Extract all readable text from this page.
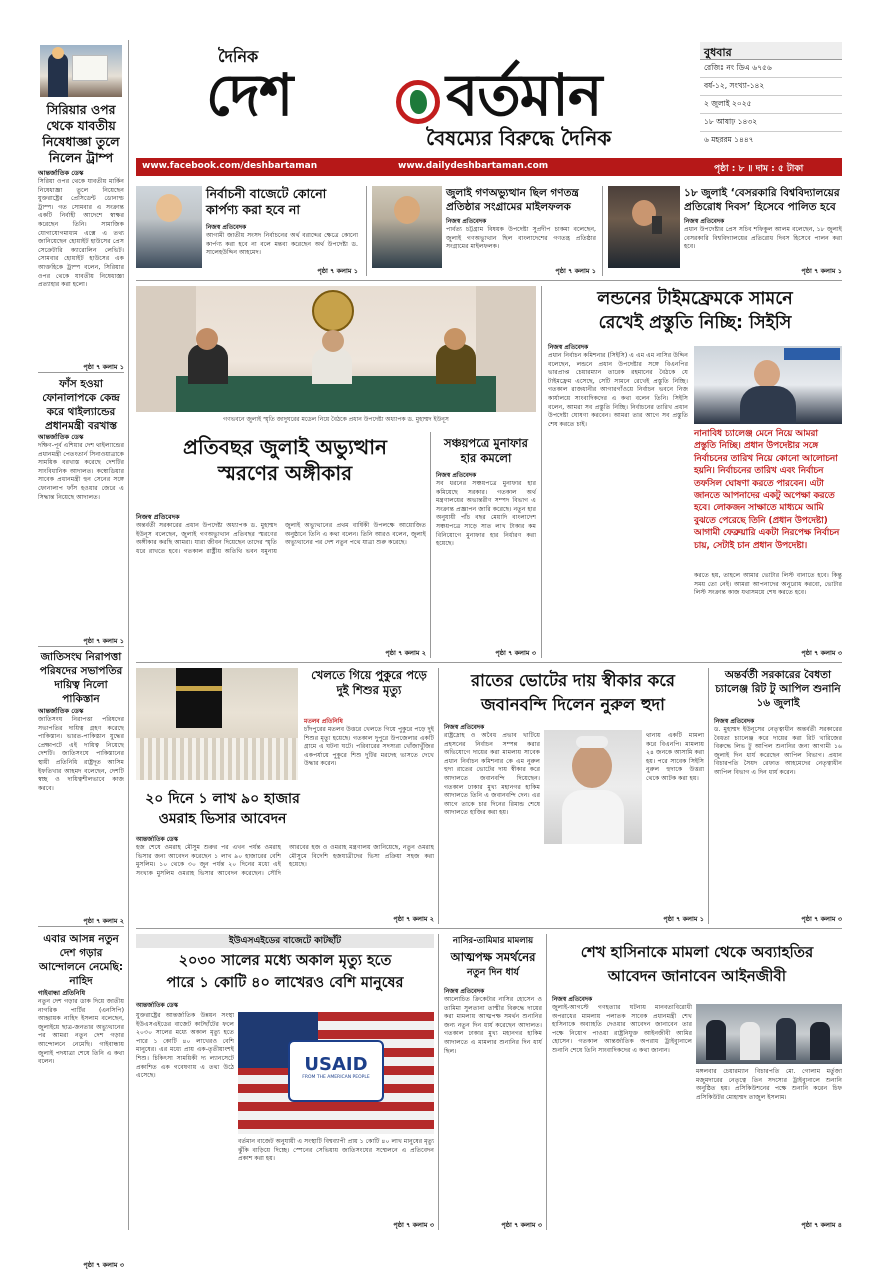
সিরিয়ার ওপর থেকে যাবতীয় নিষেধাজ্ঞা তুলে নিলেন ট্রাম্প
আন্তর্জাতিক ডেস্ক
সিরিয়া ওপর থেকে যাবতীয় মার্কিন নিষেধাজ্ঞা তুলে নিয়েছেন যুক্তরাষ্ট্রের প্রেসিডেন্ট ডোনাল্ড ট্রাম্প। গত সোমবার এ সংক্রান্ত একটি নির্বাহী আদেশে স্বাক্ষর করেছেন তিনি। সামাজিক যোগাযোগমাধ্যম এক্সে এ তথ্য জানিয়েছেন হোয়াইট হাউসের প্রেস সেক্রেটারি ক্যারোলিন লেভিট। সোমবার হোয়াইট হাউসের এক আক্তহিকে ট্রাম্প বলেন, সিরিয়ার ওপর থেকে যাবতীয় নিষেধাজ্ঞা প্রত্যাহার করা হলো।
পৃষ্ঠা ৭ কলাম ১
ফাঁস হওয়া ফোনালাপকে কেন্দ্র করে থাইল্যান্ডের প্রধানমন্ত্রী বরখাস্ত
আন্তর্জাতিক ডেস্ক
দক্ষিণ-পূর্ব এশিয়ার দেশ থাইল্যান্ডের প্রধানমন্ত্রী পেতংতার্ন সিনাওয়াত্রাকে সাময়িক বরখাস্ত করেছে দেশটির সাংবিধানিক আদালত। কম্বোডিয়ার সাবেক প্রধানমন্ত্রী হুন সেনের সঙ্গে ফোনালাপ ফাঁস হওয়ার জেরে এ সিদ্ধান্ত নিয়েছে আদালত।
পৃষ্ঠা ৭ কলাম ১
জাতিসংঘ নিরাপত্তা পরিষদের সভাপতির দায়িত্ব নিলো পাকিস্তান
আন্তর্জাতিক ডেস্ক
জাতিসংঘ নিরাপত্তা পরিষদের সভাপতির দায়িত্ব গ্রহণ করেছে পাকিস্তান। ভারত-পাকিস্তান যুদ্ধের প্রেক্ষাপটে এই দায়িত্ব নিয়েছে দেশটি। জাতিসংঘে পাকিস্তানের স্থায়ী প্রতিনিধি রাষ্ট্রদূত আসিম ইফতিখার আহমদ বলেছেন, দেশটি স্বচ্ছ ও দায়িত্বশীলভাবে কাজ করবে।
পৃষ্ঠা ৭ কলাম ২
এবার আসন্ন নতুন দেশ গড়ার আন্দোলনে নেমেছি: নাহিদ
গাইবান্ধা প্রতিনিধি
নতুন দেশ গড়ার ডাক দিয়ে জাতীয় নাগরিক পার্টির (এনসিপি) আহ্বায়ক নাহিদ ইসলাম বলেছেন, জুলাইয়ে ছাত্র-জনতার অভ্যুত্থানের পর আমরা নতুন দেশ গড়ার আন্দোলনে নেমেছি। গাইবান্ধায় জুলাই পদযাত্রা শেষে তিনি এ কথা বলেন।
পৃষ্ঠা ৭ কলাম ৩
দৈনিক
দেশ	বর্তমান
বৈষম্যের বিরুদ্ধে দৈনিক
বুধবার
রেজিঃ নং ডিএ ৬৭৫৬
বর্ষ-১২, সংখ্যা-১৪২
২ জুলাই ২০২৫
১৮ আষাঢ় ১৪৩২
৬ মহররম ১৪৪৭
www.facebook.com/deshbartaman	www.dailydeshbartaman.com	পৃষ্ঠা : ৮ ॥ দাম : ৫ টাকা
নির্বাচনী বাজেটে কোনো কার্পণ্য করা হবে না
নিজস্ব প্রতিবেদক
আগামী জাতীয় সংসদ নির্বাচনের অর্থ বরাদ্দের ক্ষেত্রে কোনো কার্পণ্য করা হবে না বলে মন্তব্য করেছেন অর্থ উপদেষ্টা ড. সালেহউদ্দিন আহমেদ।
পৃষ্ঠা ৭ কলাম ১
জুলাই গণঅভ্যুত্থান ছিল গণতন্ত্র প্রতিষ্ঠার সংগ্রামের মাইলফলক
নিজস্ব প্রতিবেদক
পার্বত্য চট্টগ্রাম বিষয়ক উপদেষ্টা সুপ্রদীপ চাকমা বলেছেন, জুলাই গণঅভ্যুত্থান ছিল বাংলাদেশের গণতন্ত্র প্রতিষ্ঠার সংগ্রামের মাইলফলক।
পৃষ্ঠা ৭ কলাম ১
১৮ জুলাই ‘বেসরকারি বিশ্ববিদ্যালয়ের প্রতিরোধ দিবস’ হিসেবে পালিত হবে
নিজস্ব প্রতিবেদক
প্রধান উপদেষ্টার প্রেস সচিব শফিকুল আলম বলেছেন, ১৮ জুলাই বেসরকারি বিশ্ববিদ্যালয়ের প্রতিরোধ দিবস হিসেবে পালন করা হবে।
পৃষ্ঠা ৭ কলাম ১
গণভবনে জুলাই স্মৃতি জাদুঘরের মডেল নিয়ে বৈঠকে প্রধান উপদেষ্টা অধ্যাপক ড. মুহাম্মদ ইউনূস
প্রতিবছর জুলাই অভ্যুত্থান
স্মরণের অঙ্গীকার
নিজস্ব প্রতিবেদক
অন্তর্বর্তী সরকারের প্রধান উপদেষ্টা অধ্যাপক ড. মুহাম্মদ ইউনূস বলেছেন, জুলাই গণঅভ্যুত্থান প্রতিবছর স্মরণের অঙ্গীকার করছি আমরা। যারা জীবন দিয়েছেন তাদের স্মৃতি ধরে রাখতে হবে। গতকাল রাষ্ট্রীয় অতিথি ভবন যমুনায় জুলাই অভ্যুত্থানের প্রথম বার্ষিকী উপলক্ষে আয়োজিত অনুষ্ঠানে তিনি এ কথা বলেন। তিনি আরও বলেন, জুলাই অভ্যুত্থানের পর দেশ নতুন পথে যাত্রা শুরু করেছে।
পৃষ্ঠা ৭ কলাম ২
সঞ্চয়পত্রে মুনাফার হার কমলো
নিজস্ব প্রতিবেদক
সব ধরনের সঞ্চয়পত্রে মুনাফার হার কমিয়েছে সরকার। গতকাল অর্থ মন্ত্রণালয়ের অভ্যন্তরীণ সম্পদ বিভাগ এ সংক্রান্ত প্রজ্ঞাপন জারি করেছে। নতুন হার অনুযায়ী পাঁচ বছর মেয়াদি বাংলাদেশ সঞ্চয়পত্রে সাড়ে সাত লাখ টাকার কম বিনিয়োগে মুনাফার হার নির্ধারণ করা হয়েছে।
পৃষ্ঠা ৭ কলাম ৩
লন্ডনের টাইমফ্রেমকে সামনে
রেখেই প্রস্তুতি নিচ্ছি: সিইসি
নিজস্ব প্রতিবেদক
প্রধান নির্বাচন কমিশনার (সিইসি) এ এম এম নাসির উদ্দিন বলেছেন, লন্ডনে প্রধান উপদেষ্টার সঙ্গে বিএনপির ভারপ্রাপ্ত চেয়ারম্যান তারেক রহমানের বৈঠকে যে টাইমফ্রেম এসেছে, সেটি সামনে রেখেই প্রস্তুতি নিচ্ছি। গতকাল রাজধানীর আগারগাঁওয়ে নির্বাচন ভবনে নিজ কার্যালয়ে সাংবাদিকদের এ কথা বলেন তিনি। সিইসি বলেন, আমরা সব প্রস্তুতি নিচ্ছি। নির্বাচনের তারিখ প্রধান উপদেষ্টা ঘোষণা করবেন। আমরা তার আগে সব প্রস্তুতি শেষ করতে চাই।
নানাবিধ চ্যালেঞ্জ মেনে নিয়ে আমরা প্রস্তুতি নিচ্ছি। প্রধান উপদেষ্টার সঙ্গে নির্বাচনের তারিখ নিয়ে কোনো আলোচনা হয়নি। নির্বাচনের তারিখ এবং নির্বাচন তফসিল ঘোষণা করতে পারবেন। এটা জানতে আপনাদের একটু অপেক্ষা করতে হবে। লোকজন সাক্ষাতে মাধ্যমে আমি বুঝতে পেরেছে তিনি (প্রধান উপদেষ্টা) আগামী ফেব্রুয়ারি একটা নিরপেক্ষ নির্বাচন চায়, সেটাই চান প্রধান উপদেষ্টা।
করতে হয়, তাহলে আমার ভোটার লিস্ট বানাতে হবে। কিন্তু সময় তো নেই। আমরা আপনাদের অনুরোধ করবো, ভোটার লিস্ট সংক্রান্ত কাজ যথাসময়ে শেষ করতে হবে।
পৃষ্ঠা ৭ কলাম ৩
খেলতে গিয়ে পুকুরে পড়ে দুই শিশুর মৃত্যু
মতলব প্রতিনিধি
চাঁদপুরের মতলব উত্তরে খেলতে গিয়ে পুকুরে পড়ে দুই শিশুর মৃত্যু হয়েছে। গতকাল দুপুরে উপজেলার একটি গ্রামে এ ঘটনা ঘটে। পরিবারের সদস্যরা খোঁজাখুঁজির একপর্যায়ে পুকুরে শিশু দুটির মরদেহ ভাসতে দেখে উদ্ধার করেন।
২০ দিনে ১ লাখ ৯০ হাজার
ওমরাহ ভিসার আবেদন
আন্তর্জাতিক ডেস্ক
হজ শেষে ওমরাহ মৌসুম শুরুর পর এখন পর্যন্ত ওমরাহ ভিসার জন্য আবেদন করেছেন ১ লাখ ৯০ হাজারের বেশি মুসলিম। ১০ থেকে ৩০ জুন পর্যন্ত ২০ দিনের মধ্যে এই সংখ্যক মুসলিম ওমরাহ ভিসার আবেদন করেছেন। সৌদি আরবের হজ ও ওমরাহ মন্ত্রণালয় জানিয়েছে, নতুন ওমরাহ মৌসুমে বিদেশি হজযাত্রীদের ভিসা প্রক্রিয়া সহজ করা হয়েছে।
পৃষ্ঠা ৭ কলাম ২
রাতের ভোটের দায় স্বীকার করে
জবানবন্দি দিলেন নুরুল হুদা
নিজস্ব প্রতিবেদক
রাষ্ট্রদ্রোহ ও অবৈধ প্রভাব খাটিয়ে প্রহসনের নির্বাচন সম্পন্ন করার অভিযোগে দায়ের করা মামলায় সাবেক প্রধান নির্বাচন কমিশনার কে এম নুরুল হুদা রাতের ভোটের দায় স্বীকার করে আদালতে জবানবন্দি দিয়েছেন। গতকাল ঢাকার মুখ্য মহানগর হাকিম আদালতে তিনি এ জবানবন্দি দেন। এর আগে তাকে চার দিনের রিমান্ড শেষে আদালতে হাজির করা হয়।
থানায় একটি মামলা করে বিএনপি। মামলায় ২৪ জনকে আসামি করা হয়। পরে সাবেক সিইসি নুরুল হুদাকে উত্তরা থেকে আটক করা হয়।
পৃষ্ঠা ৭ কলাম ১
অন্তর্বর্তী সরকারের বৈধতা চ্যালেঞ্জ রিট টু আপিল শুনানি ১৬ জুলাই
নিজস্ব প্রতিবেদক
ড. মুহাম্মদ ইউনূসের নেতৃত্বাধীন অন্তর্বর্তী সরকারের বৈধতা চ্যালেঞ্জ করে দায়ের করা রিট খারিজের বিরুদ্ধে লিভ টু আপিল শুনানির জন্য আগামী ১৬ জুলাই দিন ধার্য করেছেন আপিল বিভাগ। প্রধান বিচারপতি সৈয়দ রেফাত আহমেদের নেতৃত্বাধীন আপিল বিভাগ এ দিন ধার্য করেন।
পৃষ্ঠা ৭ কলাম ৩
ইউএসএইডের বাজেটে কাটছাঁট
২০৩০ সালের মধ্যে অকাল মৃত্যু হতে
পারে ১ কোটি ৪০ লাখেরও বেশি মানুষের
আন্তর্জাতিক ডেস্ক
যুক্তরাষ্ট্রের আন্তর্জাতিক উন্নয়ন সংস্থা ইউএসএইডের বাজেট কাটছাঁটের ফলে ২০৩০ সালের মধ্যে অকাল মৃত্যু হতে পারে ১ কোটি ৪০ লাখেরও বেশি মানুষের। এর মধ্যে প্রায় এক-তৃতীয়াংশই শিশু। চিকিৎসা সাময়িকী দ্য ল্যানসেটে প্রকাশিত এক গবেষণায় এ তথ্য উঠে এসেছে।
USAID
FROM THE AMERICAN PEOPLE
বর্তমান বাজেট অনুযায়ী এ সংস্থাটি বিশ্বব্যাপী প্রায় ১ কোটি ৪০ লাখ মানুষের মৃত্যু ঝুঁকি বাড়িয়ে দিচ্ছে। স্পেনের সেভিয়ায় জাতিসংঘের সম্মেলনে এ প্রতিবেদন প্রকাশ করা হয়।
পৃষ্ঠা ৭ কলাম ৩
নাসির-তামিমার মামলায়
আত্মপক্ষ সমর্থনের
নতুন দিন ধার্য
নিজস্ব প্রতিবেদক
আলোচিত ক্রিকেটার নাসির হোসেন ও তামিমা সুলতানা তাম্মীর বিরুদ্ধে দায়ের করা মামলায় আত্মপক্ষ সমর্থন শুনানির জন্য নতুন দিন ধার্য করেছেন আদালত। গতকাল ঢাকার মুখ্য মহানগর হাকিম আদালতে এ মামলার শুনানির দিন ধার্য ছিল।
পৃষ্ঠা ৭ কলাম ৩
শেখ হাসিনাকে মামলা থেকে অব্যাহতির
আবেদন জানাবেন আইনজীবী
নিজস্ব প্রতিবেদক
জুলাই-আগস্টে গণহত্যার ঘটনায় মানবতাবিরোধী অপরাধের মামলায় পলাতক সাবেক প্রধানমন্ত্রী শেখ হাসিনাকে অব্যাহতি দেওয়ার আবেদন জানাবেন তার পক্ষে নিয়োগ পাওয়া রাষ্ট্রনিযুক্ত আইনজীবী আমির হোসেন। গতকাল আন্তর্জাতিক অপরাধ ট্রাইব্যুনালে শুনানি শেষে তিনি সাংবাদিকদের এ কথা জানান।
মঙ্গলবার চেয়ারম্যান বিচারপতি মো. গোলাম মর্তুজা মজুমদারের নেতৃত্বে তিন সদস্যের ট্রাইব্যুনালে শুনানি অনুষ্ঠিত হয়। প্রসিকিউশনের পক্ষে শুনানি করেন চিফ প্রসিকিউটর মোহাম্মদ তাজুল ইসলাম।
পৃষ্ঠা ৭ কলাম ৪
